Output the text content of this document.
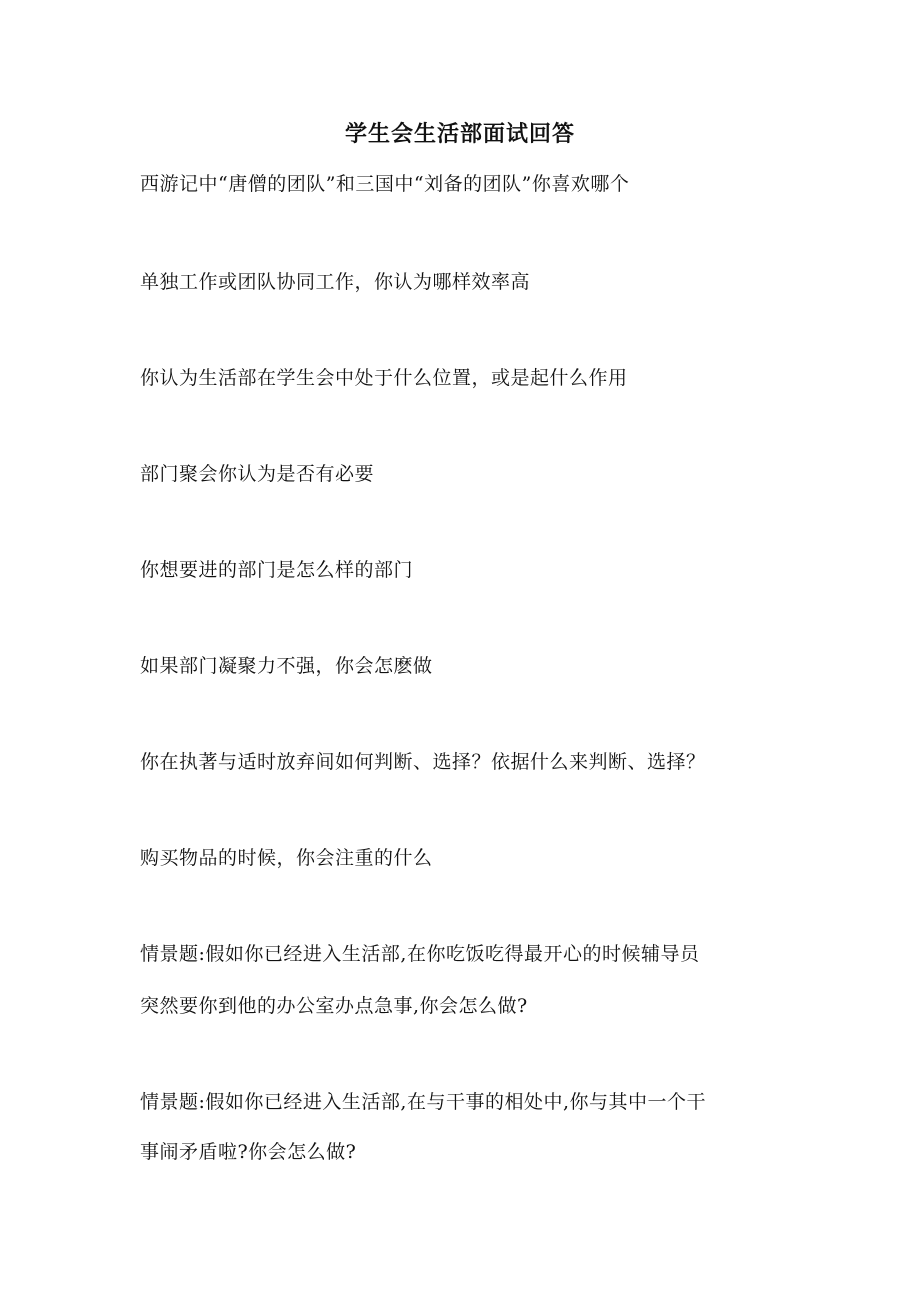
学生会生活部面试回答

西游记中“唐僧的团队”和三国中“刘备的团队”你喜欢哪个

单独工作或团队协同工作，你认为哪样效率高

你认为生活部在学生会中处于什么位置，或是起什么作用

部门聚会你认为是否有必要

你想要进的部门是怎么样的部门

如果部门凝聚力不强，你会怎麽做

你在执著与适时放弃间如何判断、选择？依据什么来判断、选择？

购买物品的时候，你会注重的什么

情景题:假如你已经进入生活部,在你吃饭吃得最开心的时候辅导员

突然要你到他的办公室办点急事,你会怎么做?

情景题:假如你已经进入生活部,在与干事的相处中,你与其中一个干

事闹矛盾啦?你会怎么做?
